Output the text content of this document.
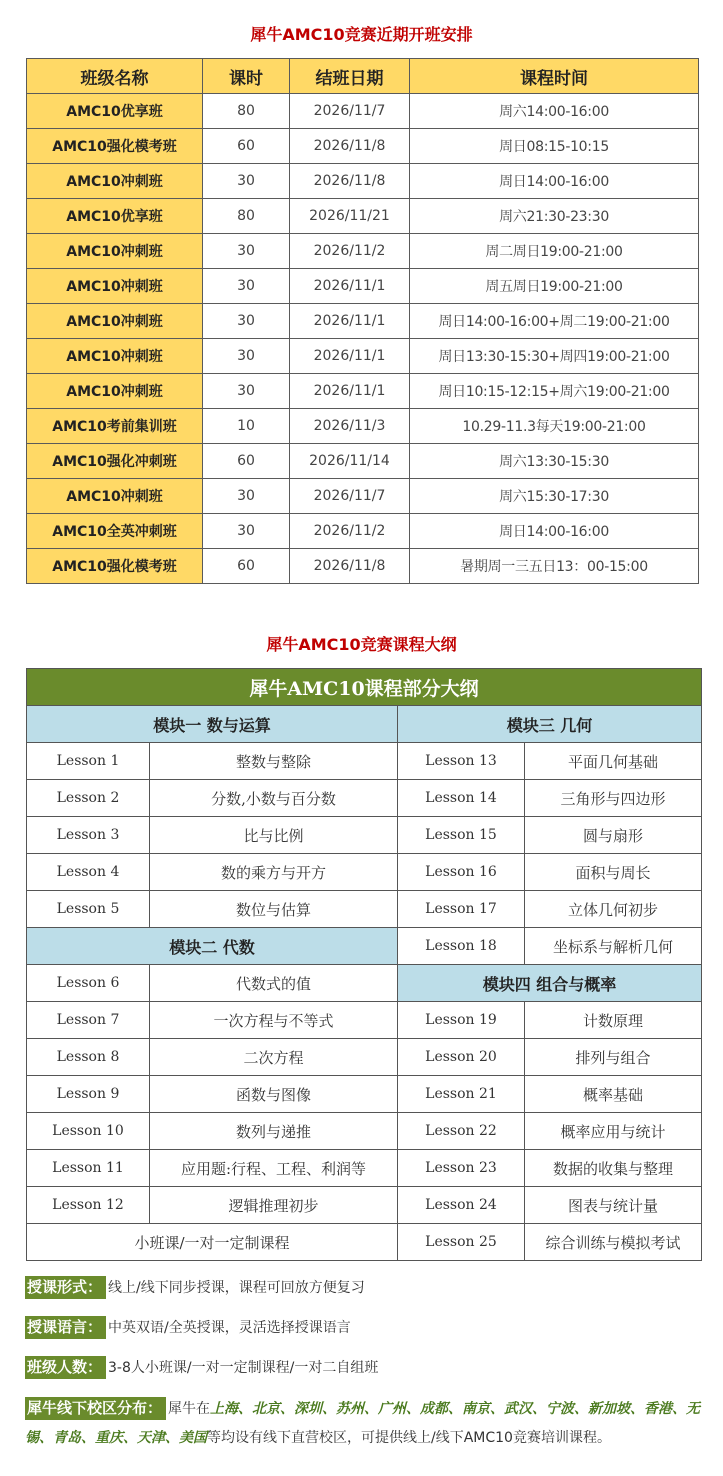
犀牛AMC10竞赛近期开班安排
班级名称	课时	结班日期	课程时间
AMC10优享班	80	2026/11/7	周六14:00-16:00
AMC10强化模考班	60	2026/11/8	周日08:15-10:15
AMC10冲刺班	30	2026/11/8	周日14:00-16:00
AMC10优享班	80	2026/11/21	周六21:30-23:30
AMC10冲刺班	30	2026/11/2	周二周日19:00-21:00
AMC10冲刺班	30	2026/11/1	周五周日19:00-21:00
AMC10冲刺班	30	2026/11/1	周日14:00-16:00+周二19:00-21:00
AMC10冲刺班	30	2026/11/1	周日13:30-15:30+周四19:00-21:00
AMC10冲刺班	30	2026/11/1	周日10:15-12:15+周六19:00-21:00
AMC10考前集训班	10	2026/11/3	10.29-11.3每天19:00-21:00
AMC10强化冲刺班	60	2026/11/14	周六13:30-15:30
AMC10冲刺班	30	2026/11/7	周六15:30-17:30
AMC10全英冲刺班	30	2026/11/2	周日14:00-16:00
AMC10强化模考班	60	2026/11/8	暑期周一三五日13：00-15:00
犀牛AMC10竞赛课程大纲
犀牛AMC10课程部分大纲			
模块一 数与运算		模块三 几何	
Lesson 1	整数与整除	Lesson 13	平面几何基础
Lesson 2	分数,小数与百分数	Lesson 14	三角形与四边形
Lesson 3	比与比例	Lesson 15	圆与扇形
Lesson 4	数的乘方与开方	Lesson 16	面积与周长
Lesson 5	数位与估算	Lesson 17	立体几何初步
模块二 代数		Lesson 18	坐标系与解析几何
Lesson 6	代数式的值	模块四 组合与概率	
Lesson 7	一次方程与不等式	Lesson 19	计数原理
Lesson 8	二次方程	Lesson 20	排列与组合
Lesson 9	函数与图像	Lesson 21	概率基础
Lesson 10	数列与递推	Lesson 22	概率应用与统计
Lesson 11	应用题:行程、工程、利润等	Lesson 23	数据的收集与整理
Lesson 12	逻辑推理初步	Lesson 24	图表与统计量
小班课/一对一定制课程		Lesson 25	综合训练与模拟考试
授课形式： 线上/线下同步授课，课程可回放方便复习
授课语言： 中英双语/全英授课，灵活选择授课语言
班级人数： 3-8人小班课/一对一定制课程/一对二自组班
犀牛线下校区分布： 犀牛在上海、北京、深圳、苏州、广州、成都、南京、武汉、宁波、新加坡、香港、无锡、青岛、重庆、天津、美国等均设有线下直营校区，可提供线上/线下AMC10竞赛培训课程。
